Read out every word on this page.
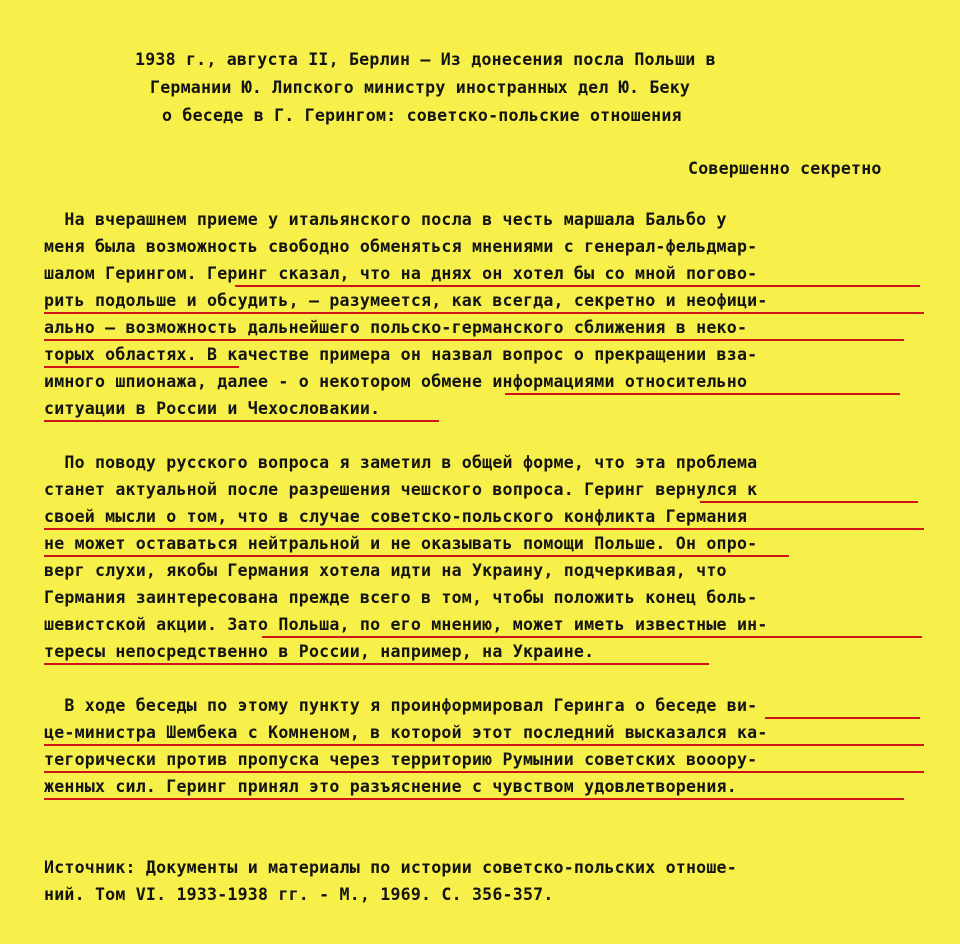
1938 г., августа II, Берлин — Из донесения посла Польши в
Германии Ю. Липского министру иностранных дел Ю. Беку
о беседе в Г. Герингом: советско-польские отношения
Совершенно секретно
На вчерашнем приеме у итальянского посла в честь маршала Бальбо у
меня была возможность свободно обменяться мнениями с генерал-фельдмар-
шалом Герингом. Геринг сказал, что на днях он хотел бы со мной погово-
рить подольше и обсудить, — разумеется, как всегда, секретно и неофици-
ально — возможность дальнейшего польско-германского сближения в неко-
торых областях. В качестве примера он назвал вопрос о прекращении вза-
имного шпионажа, далее - о некотором обмене информациями относительно
ситуации в России и Чехословакии.
По поводу русского вопроса я заметил в общей форме, что эта проблема
станет актуальной после разрешения чешского вопроса. Геринг вернулся к
своей мысли о том, что в случае советско-польского конфликта Германия
не может оставаться нейтральной и не оказывать помощи Польше. Он опро-
верг слухи, якобы Германия хотела идти на Украину, подчеркивая, что
Германия заинтересована прежде всего в том, чтобы положить конец боль-
шевистской акции. Зато Польша, по его мнению, может иметь известные ин-
тересы непосредственно в России, например, на Украине.
В ходе беседы по этому пункту я проинформировал Геринга о беседе ви-
це-министра Шембека с Комненом, в которой этот последний высказался ка-
тегорически против пропуска через территорию Румынии советских вооору-
женных сил. Геринг принял это разъяснение с чувством удовлетворения.
Источник: Документы и материалы по истории советско-польских отноше-
ний. Том VI. 1933-1938 гг. - М., 1969. С. 356-357.
